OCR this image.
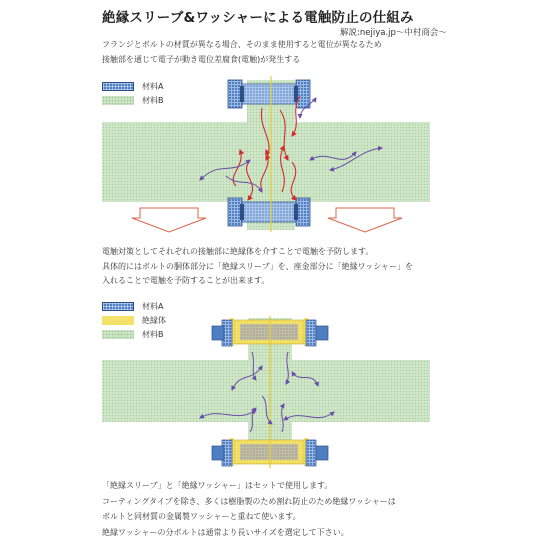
絶縁スリーブ&ワッシャーによる電触防止の仕組み
解説:nejiya.jp〜中村商会〜
フランジとボルトの材質が異なる場合、そのまま使用すると電位が異なるため
接触部を通じて電子が動き電位差腐食(電触)が発生する
材料A
材料B
材料A
絶縁体
材料B
電触対策としてそれぞれの接触部に絶縁体を介すことで電触を予防します。
具体的にはボルトの胴体部分に「絶縁スリーブ」を、座金部分に「絶縁ワッシャー」を
入れることで電触を予防することが出来ます。
「絶縁スリーブ」と「絶縁ワッシャー」はセットで使用します。
コーティングタイプを除き、多くは樹脂製のため割れ防止のため絶縁ワッシャーは
ボルトと同材質の金属製ワッシャーと重ねて使います。
絶縁ワッシャーの分ボルトは通常より長いサイズを選定して下さい。
